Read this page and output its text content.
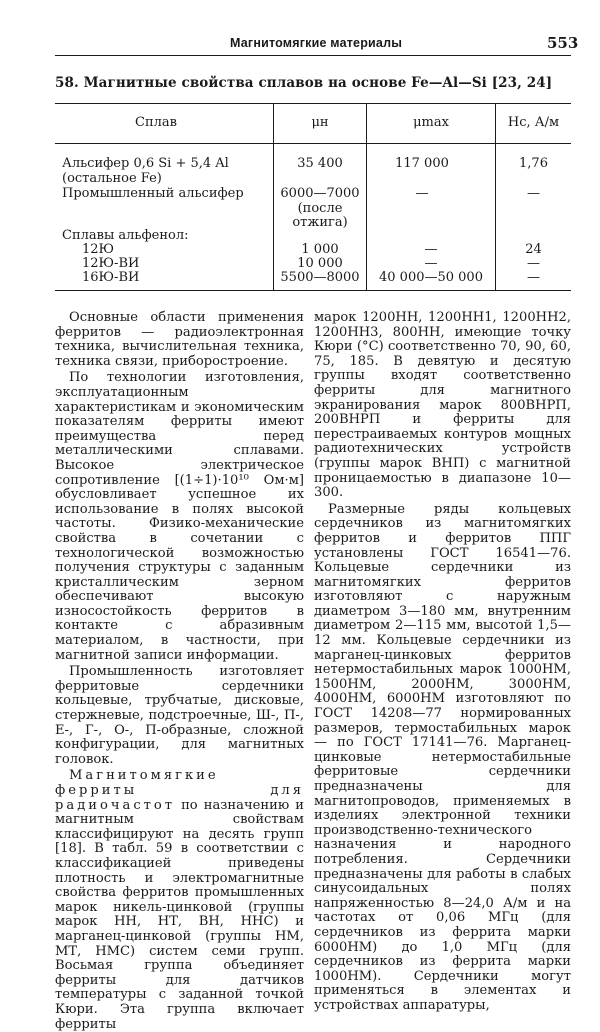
Магнитомягкие материалы	553
58. Магнитные свойства сплавов на основе Fe—Al—Si [23, 24]
Сплав	μн	μmax	Hc, А/м
Альсифер 0,6 Si + 5,4 Al
(остальное Fe)
35 400	117 000	1,76
Промышленный альсифер	6000—7000
(после
отжига)
—	—
Сплавы альфенол:
12Ю	1 000	—	24
12Ю-ВИ	10 000	—	—
16Ю-ВИ	5500—8000	40 000—50 000	—

Основные области применения ферритов — радиоэлектронная техника, вычислительная техника, техника связи, приборостроение.

По технологии изготовления, эксплуатационным характеристикам и экономическим показателям ферриты имеют преимущества перед металлическими сплавами. Высокое электрическое сопротивление [(1÷1)·10¹⁰ Ом·м] обусловливает успешное их использование в полях высокой частоты. Физико-механические свойства в сочетании с технологической возможностью получения структуры с заданным кристаллическим зерном обеспечивают высокую износостойкость ферритов в контакте с абразивным материалом, в частности, при магнитной записи информации.

Промышленность изготовляет ферритовые сердечники кольцевые, трубчатые, дисковые, стержневые, подстроечные, Ш-, П-, Е-, Г-, О-, П-образные, сложной конфигурации, для магнитных головок.

Магнитомягкие ферриты для радиочастот по назначению и магнитным свойствам классифицируют на десять групп [18]. В табл. 59 в соответствии с классификацией приведены плотность и электромагнитные свойства ферритов промышленных марок никель-цинковой (группы марок НН, НТ, ВН, ННС) и марганец-цинковой (группы НМ, МТ, НМС) систем семи групп. Восьмая группа объединяет ферриты для датчиков температуры с заданной точкой Кюри. Эта группа включает ферриты

марок 1200НН, 1200НН1, 1200НН2, 1200НН3, 800НН, имеющие точку Кюри (°С) соответственно 70, 90, 60, 75, 185. В девятую и десятую группы входят соответственно ферриты для магнитного экранирования марок 800ВНРП, 200ВНРП и ферриты для перестраиваемых контуров мощных радиотехнических устройств (группы марок ВНП) с магнитной проницаемостью в диапазоне 10—300.

Размерные ряды кольцевых сердечников из магнитомягких ферритов и ферритов ППГ установлены ГОСТ 16541—76. Кольцевые сердечники из магнитомягких ферритов изготовляют с наружным диаметром 3—180 мм, внутренним диаметром 2—115 мм, высотой 1,5—12 мм. Кольцевые сердечники из марганец-цинковых ферритов нетермостабильных марок 1000НМ, 1500НМ, 2000НМ, 3000НМ, 4000НМ, 6000НМ изготовляют по ГОСТ 14208—77 нормированных размеров, термостабильных марок — по ГОСТ 17141—76. Марганец-цинковые нетермостабильные ферритовые сердечники предназначены для магнитопроводов, применяемых в изделиях электронной техники производственно-технического назначения и народного потребления. Сердечники предназначены для работы в слабых синусоидальных полях напряженностью 8—24,0 А/м и на частотах от 0,06 МГц (для сердечников из феррита марки 6000НМ) до 1,0 МГц (для сердечников из феррита марки 1000НМ). Сердечники могут применяться в элементах и устройствах аппаратуры,
